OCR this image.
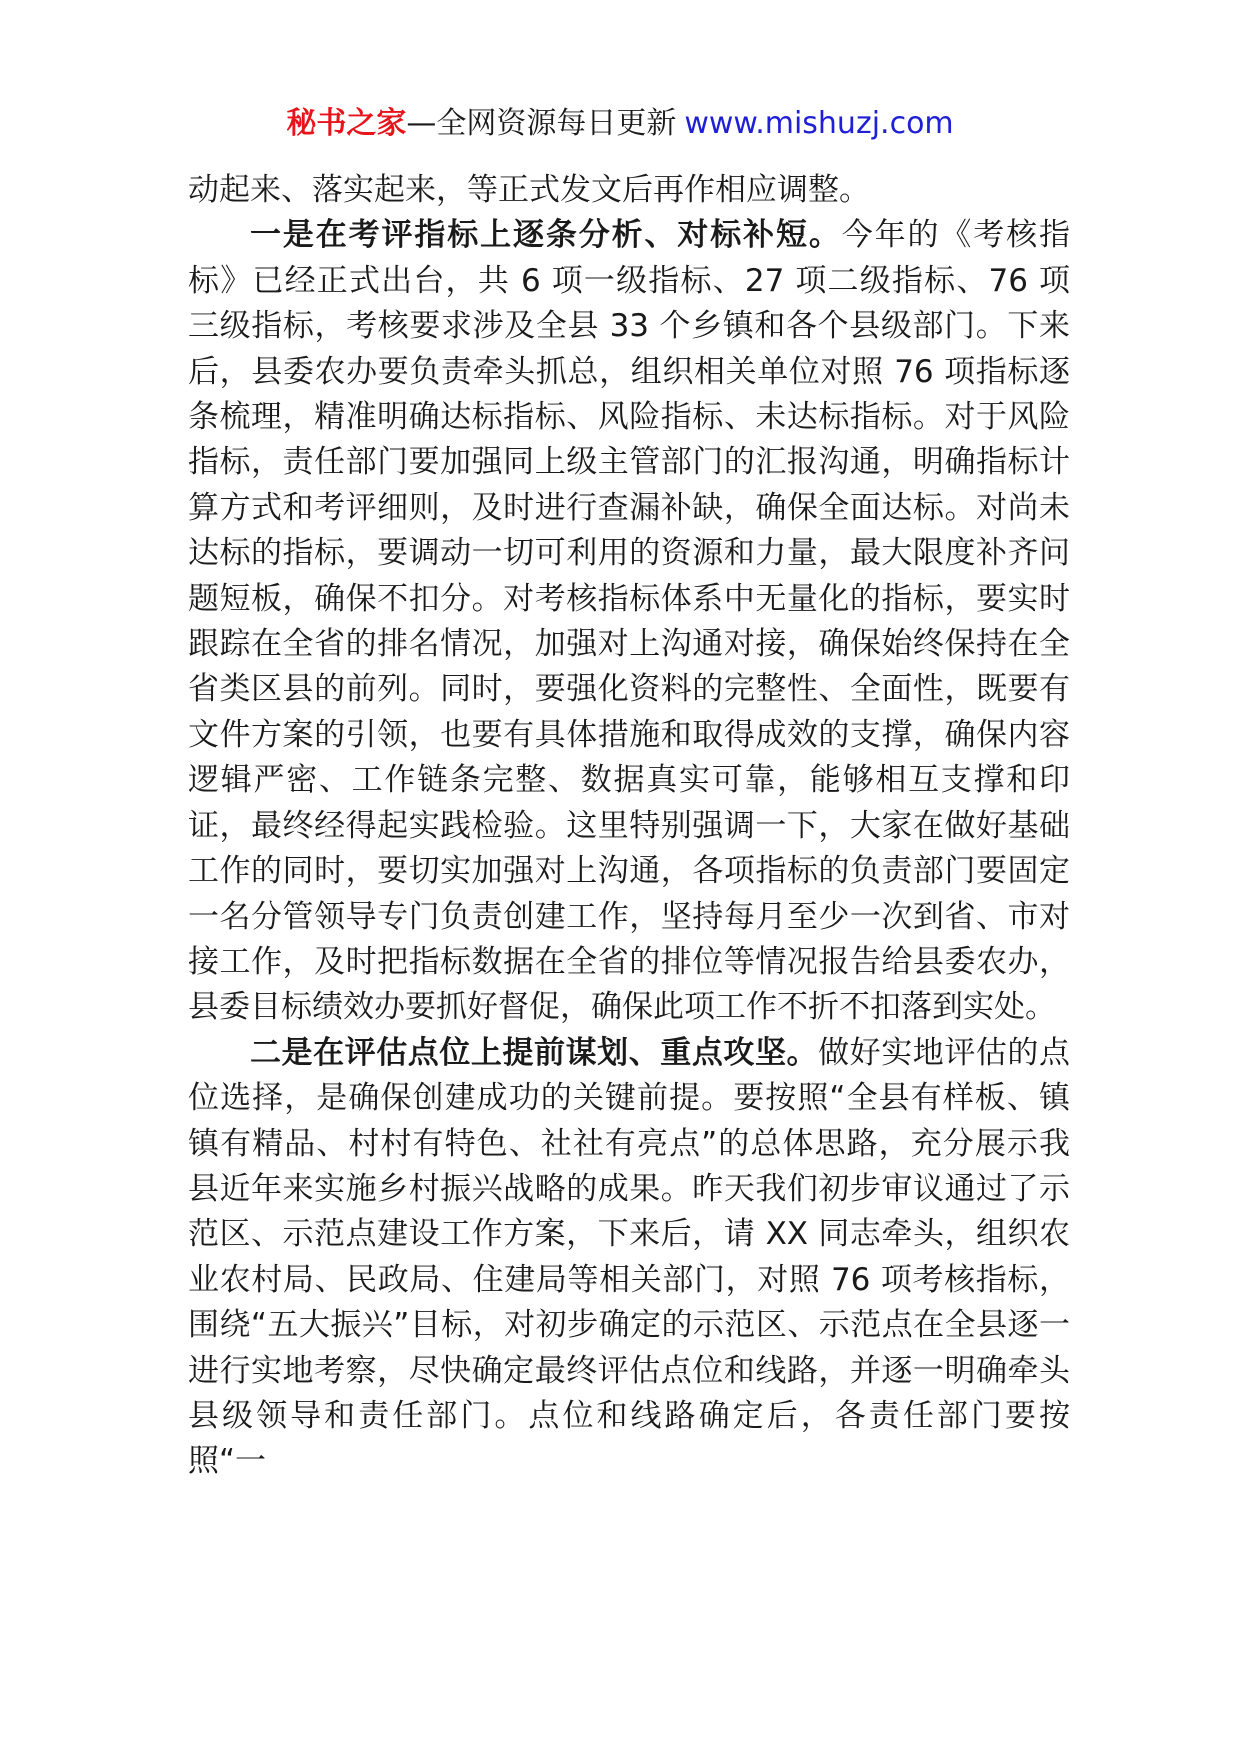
秘书之家—全网资源每日更新 www.mishuzj.com

动起来、落实起来，等正式发文后再作相应调整。

一是在考评指标上逐条分析、对标补短。今年的《考核指标》已经正式出台，共 6 项一级指标、27 项二级指标、76 项三级指标，考核要求涉及全县 33 个乡镇和各个县级部门。下来后，县委农办要负责牵头抓总，组织相关单位对照 76 项指标逐条梳理，精准明确达标指标、风险指标、未达标指标。对于风险指标，责任部门要加强同上级主管部门的汇报沟通，明确指标计算方式和考评细则，及时进行查漏补缺，确保全面达标。对尚未达标的指标，要调动一切可利用的资源和力量，最大限度补齐问题短板，确保不扣分。对考核指标体系中无量化的指标，要实时跟踪在全省的排名情况，加强对上沟通对接，确保始终保持在全省类区县的前列。同时，要强化资料的完整性、全面性，既要有文件方案的引领，也要有具体措施和取得成效的支撑，确保内容逻辑严密、工作链条完整、数据真实可靠，能够相互支撑和印证，最终经得起实践检验。这里特别强调一下，大家在做好基础工作的同时，要切实加强对上沟通，各项指标的负责部门要固定一名分管领导专门负责创建工作，坚持每月至少一次到省、市对接工作，及时把指标数据在全省的排位等情况报告给县委农办，县委目标绩效办要抓好督促，确保此项工作不折不扣落到实处。

二是在评估点位上提前谋划、重点攻坚。做好实地评估的点位选择，是确保创建成功的关键前提。要按照“全县有样板、镇镇有精品、村村有特色、社社有亮点”的总体思路，充分展示我县近年来实施乡村振兴战略的成果。昨天我们初步审议通过了示范区、示范点建设工作方案，下来后，请 XX 同志牵头，组织农业农村局、民政局、住建局等相关部门，对照 76 项考核指标，围绕“五大振兴”目标，对初步确定的示范区、示范点在全县逐一进行实地考察，尽快确定最终评估点位和线路，并逐一明确牵头县级领导和责任部门。点位和线路确定后，各责任部门要按照“一
